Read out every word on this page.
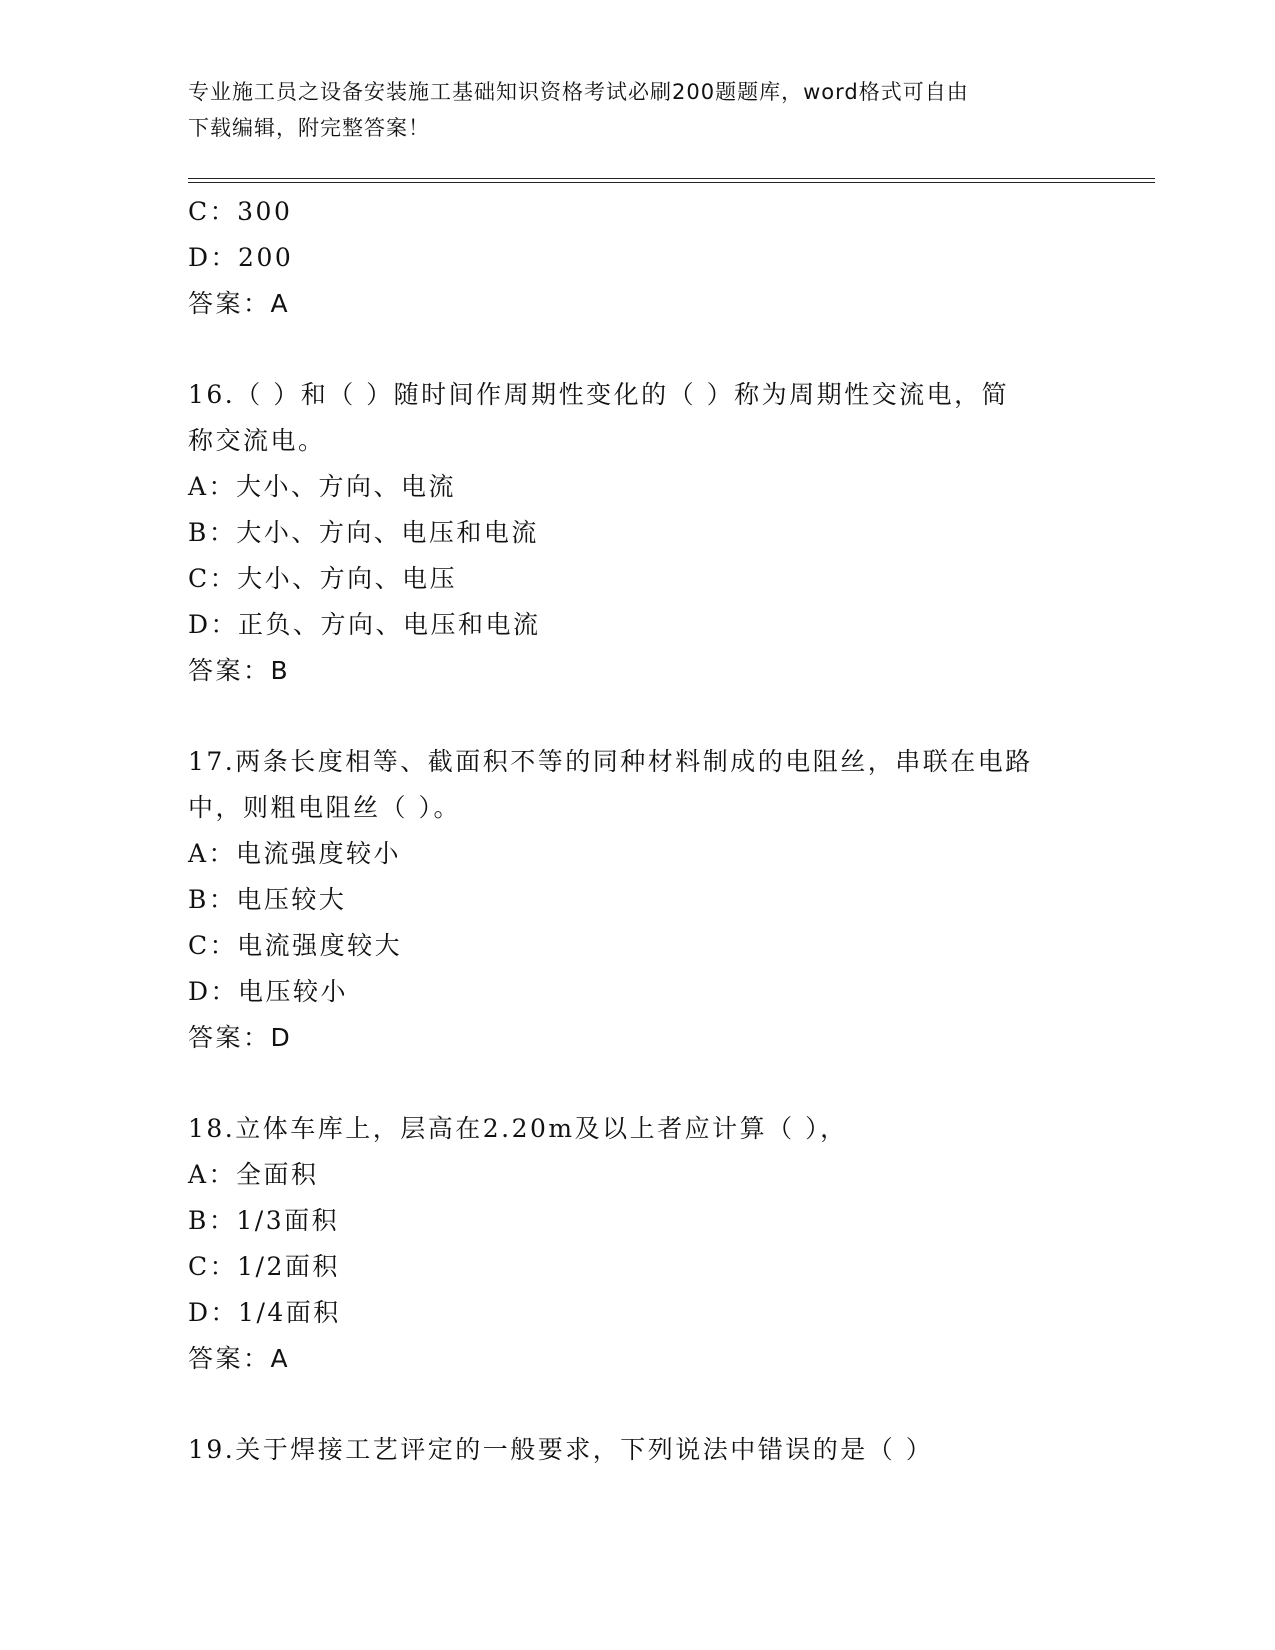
专业施工员之设备安装施工基础知识资格考试必刷200题题库，word格式可自由
下载编辑，附完整答案！
C：300
D：200
答案：A
16.（ ）和（ ）随时间作周期性变化的（ ）称为周期性交流电，简
称交流电。
A：大小、方向、电流
B：大小、方向、电压和电流
C：大小、方向、电压
D：正负、方向、电压和电流
答案：B
17.两条长度相等、截面积不等的同种材料制成的电阻丝，串联在电路
中，则粗电阻丝（ ）。
A：电流强度较小
B：电压较大
C：电流强度较大
D：电压较小
答案：D
18.立体车库上，层高在2.20m及以上者应计算（ ），
A：全面积
B：1/3面积
C：1/2面积
D：1/4面积
答案：A
19.关于焊接工艺评定的一般要求，下列说法中错误的是（ ）
